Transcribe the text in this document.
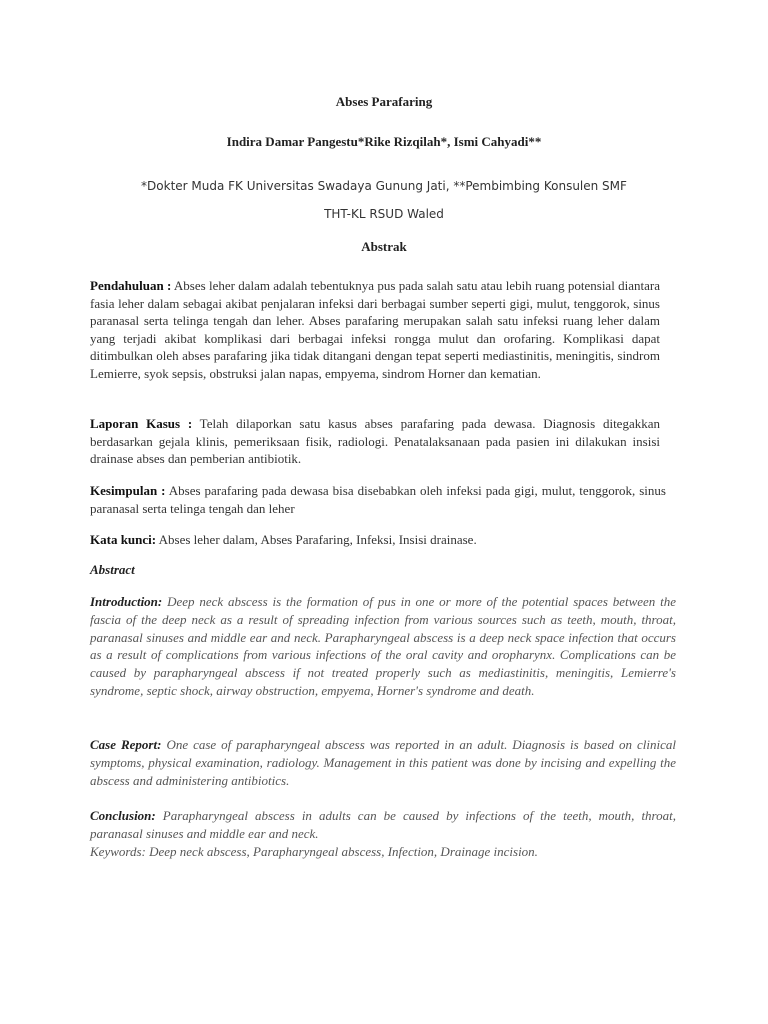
Abses Parafaring
Indira Damar Pangestu*Rike Rizqilah*, Ismi Cahyadi**
*Dokter Muda FK Universitas Swadaya Gunung Jati, **Pembimbing Konsulen SMF
THT-KL RSUD Waled
Abstrak
Pendahuluan : Abses leher dalam adalah tebentuknya pus pada salah satu atau lebih ruang potensial diantara fasia leher dalam sebagai akibat penjalaran infeksi dari berbagai sumber seperti gigi, mulut, tenggorok, sinus paranasal serta telinga tengah dan leher. Abses parafaring merupakan salah satu infeksi ruang leher dalam yang terjadi akibat komplikasi dari berbagai infeksi rongga mulut dan orofaring. Komplikasi dapat ditimbulkan oleh abses parafaring jika tidak ditangani dengan tepat seperti mediastinitis, meningitis, sindrom Lemierre, syok sepsis, obstruksi jalan napas, empyema, sindrom Horner dan kematian.
Laporan Kasus : Telah dilaporkan satu kasus abses parafaring pada dewasa. Diagnosis ditegakkan berdasarkan gejala klinis, pemeriksaan fisik, radiologi. Penatalaksanaan pada pasien ini dilakukan insisi drainase abses dan pemberian antibiotik.
Kesimpulan : Abses parafaring pada dewasa bisa disebabkan oleh infeksi pada gigi, mulut, tenggorok, sinus paranasal serta telinga tengah dan leher
Kata kunci: Abses leher dalam, Abses Parafaring, Infeksi, Insisi drainase.
Abstract
Introduction: Deep neck abscess is the formation of pus in one or more of the potential spaces between the fascia of the deep neck as a result of spreading infection from various sources such as teeth, mouth, throat, paranasal sinuses and middle ear and neck. Parapharyngeal abscess is a deep neck space infection that occurs as a result of complications from various infections of the oral cavity and oropharynx. Complications can be caused by parapharyngeal abscess if not treated properly such as mediastinitis, meningitis, Lemierre's syndrome, septic shock, airway obstruction, empyema, Horner's syndrome and death.
Case Report: One case of parapharyngeal abscess was reported in an adult. Diagnosis is based on clinical symptoms, physical examination, radiology. Management in this patient was done by incising and expelling the abscess and administering antibiotics.
Conclusion: Parapharyngeal abscess in adults can be caused by infections of the teeth, mouth, throat, paranasal sinuses and middle ear and neck.
Keywords: Deep neck abscess, Parapharyngeal abscess, Infection, Drainage incision.
